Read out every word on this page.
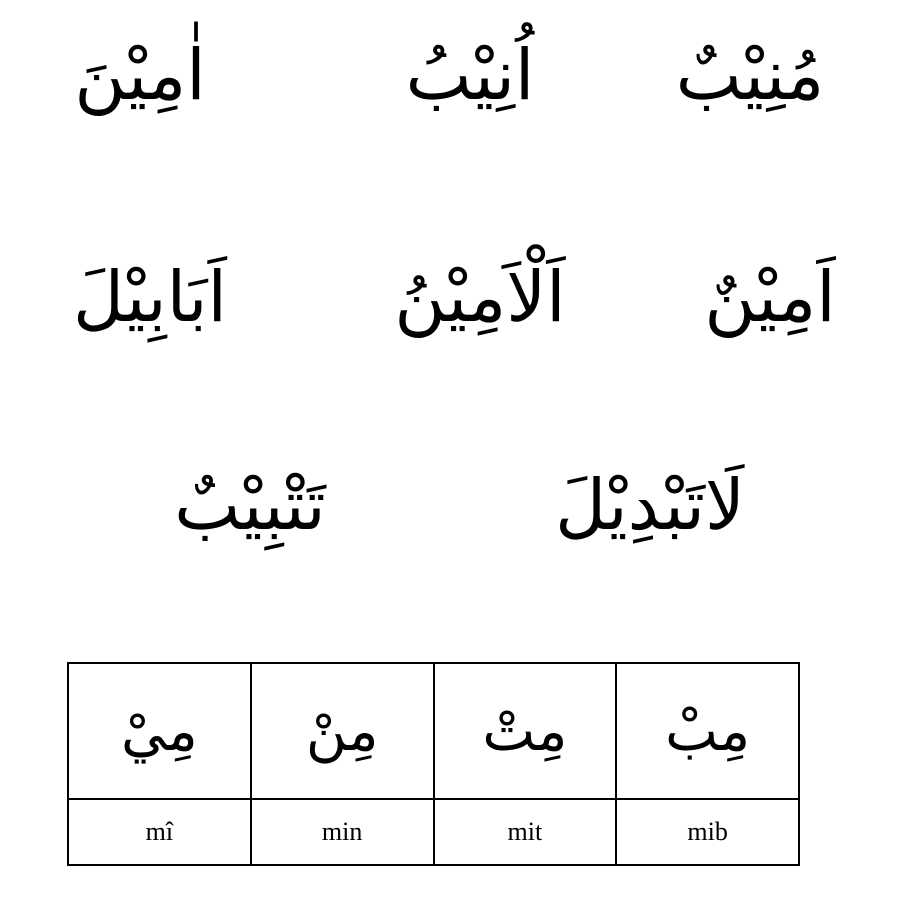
مُنِيْبٌ
اُنِيْبُ
اٰمِيْنَ
اَمِيْنٌ
اَلْاَمِيْنُ
اَبَابِيْلَ
لَاتَبْدِيْلَ
تَتْبِيْبٌ
مِيْ	مِنْ	مِتْ	مِبْ
mî	min	mit	mib
